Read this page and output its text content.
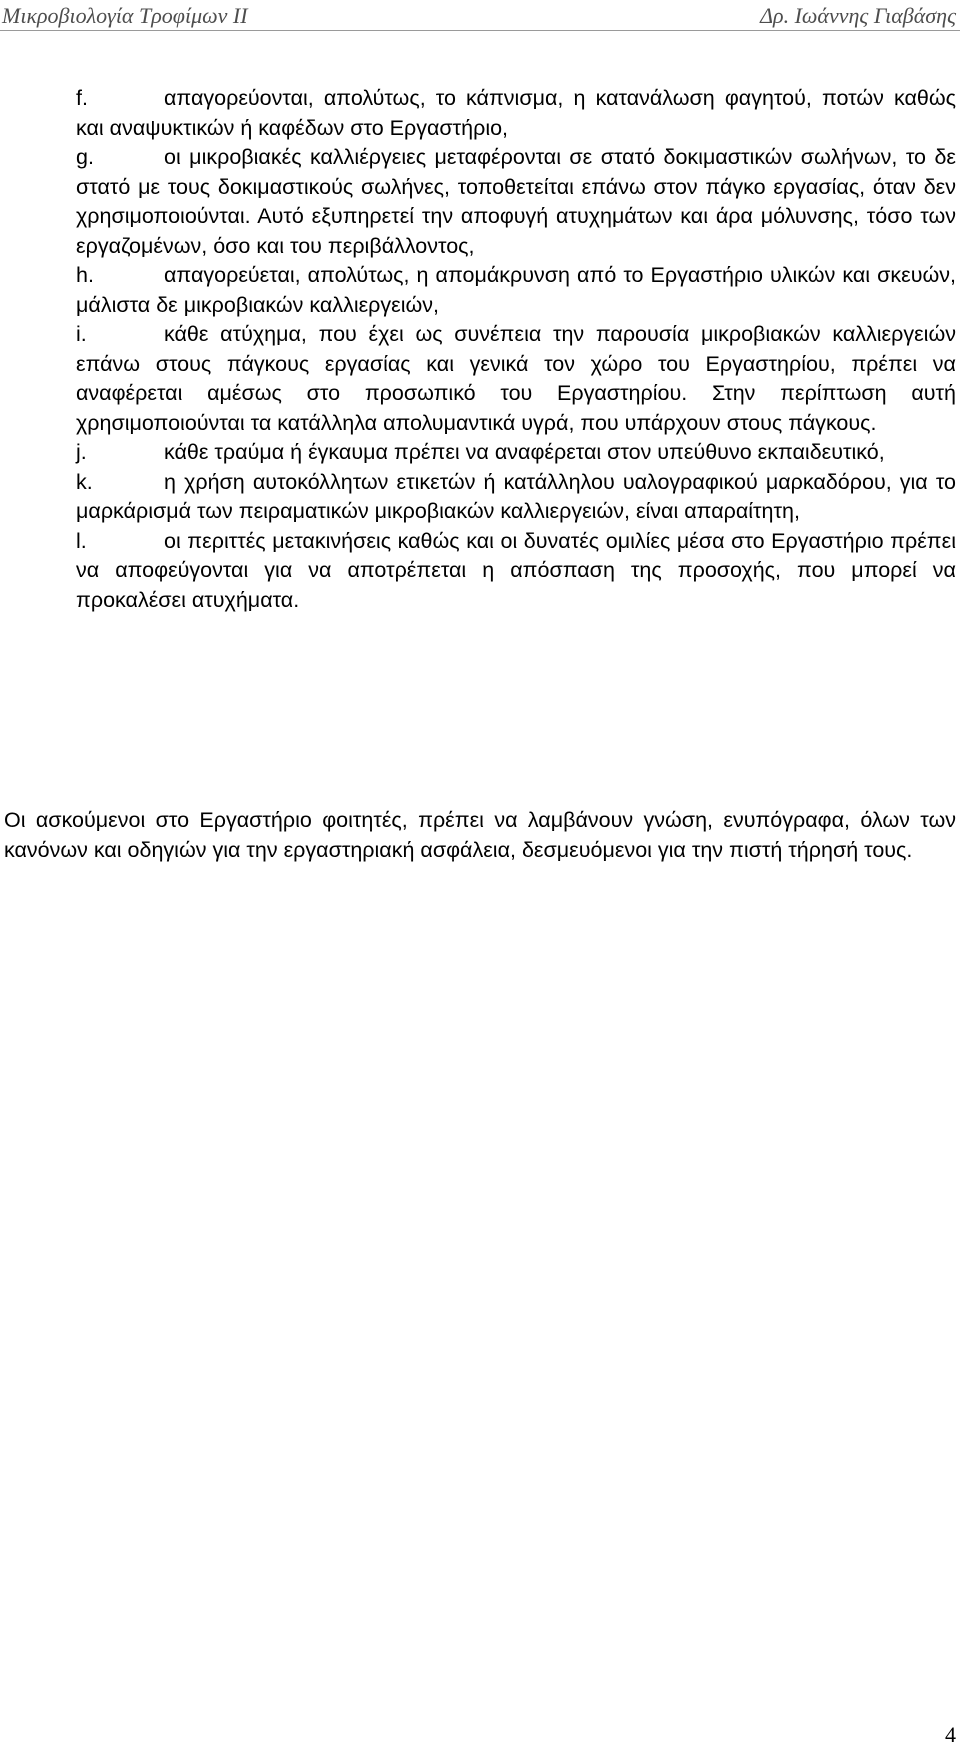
Μικροβιολογία Τροφίμων ΙΙ	Δρ. Ιωάννης Γιαβάσης
f.	απαγορεύονται, απολύτως, το κάπνισμα, η κατανάλωση φαγητού, ποτών καθώς και αναψυκτικών ή καφέδων στο Εργαστήριο,
g.	οι μικροβιακές καλλιέργειες μεταφέρονται σε στατό δοκιμαστικών σωλήνων, το δε στατό με τους δοκιμαστικούς σωλήνες, τοποθετείται επάνω στον πάγκο εργασίας, όταν δεν χρησιμοποιούνται. Αυτό εξυπηρετεί την αποφυγή ατυχημάτων και άρα μόλυνσης, τόσο των εργαζομένων, όσο και του περιβάλλοντος,
h.	απαγορεύεται, απολύτως, η απομάκρυνση από το Εργαστήριο υλικών και σκευών, μάλιστα δε μικροβιακών καλλιεργειών,
i.	κάθε ατύχημα, που έχει ως συνέπεια την παρουσία μικροβιακών καλλιεργειών επάνω στους πάγκους εργασίας και γενικά τον χώρο του Εργαστηρίου, πρέπει να αναφέρεται αμέσως στο προσωπικό του Εργαστηρίου. Στην περίπτωση αυτή χρησιμοποιούνται τα κατάλληλα απολυμαντικά υγρά, που υπάρχουν στους πάγκους.
j.	κάθε τραύμα ή έγκαυμα πρέπει να αναφέρεται στον υπεύθυνο εκπαιδευτικό,
k.	η χρήση αυτοκόλλητων ετικετών ή κατάλληλου υαλογραφικού μαρκαδόρου, για το μαρκάρισμά των πειραματικών μικροβιακών καλλιεργειών, είναι απαραίτητη,
l.	οι περιττές μετακινήσεις καθώς και οι δυνατές ομιλίες μέσα στο Εργαστήριο πρέπει να αποφεύγονται για να αποτρέπεται η απόσπαση της προσοχής, που μπορεί να προκαλέσει ατυχήματα.

Οι ασκούμενοι στο Εργαστήριο φοιτητές, πρέπει να λαμβάνουν γνώση, ενυπόγραφα, όλων των κανόνων και οδηγιών για την εργαστηριακή ασφάλεια, δεσμευόμενοι για την πιστή τήρησή τους.

4
